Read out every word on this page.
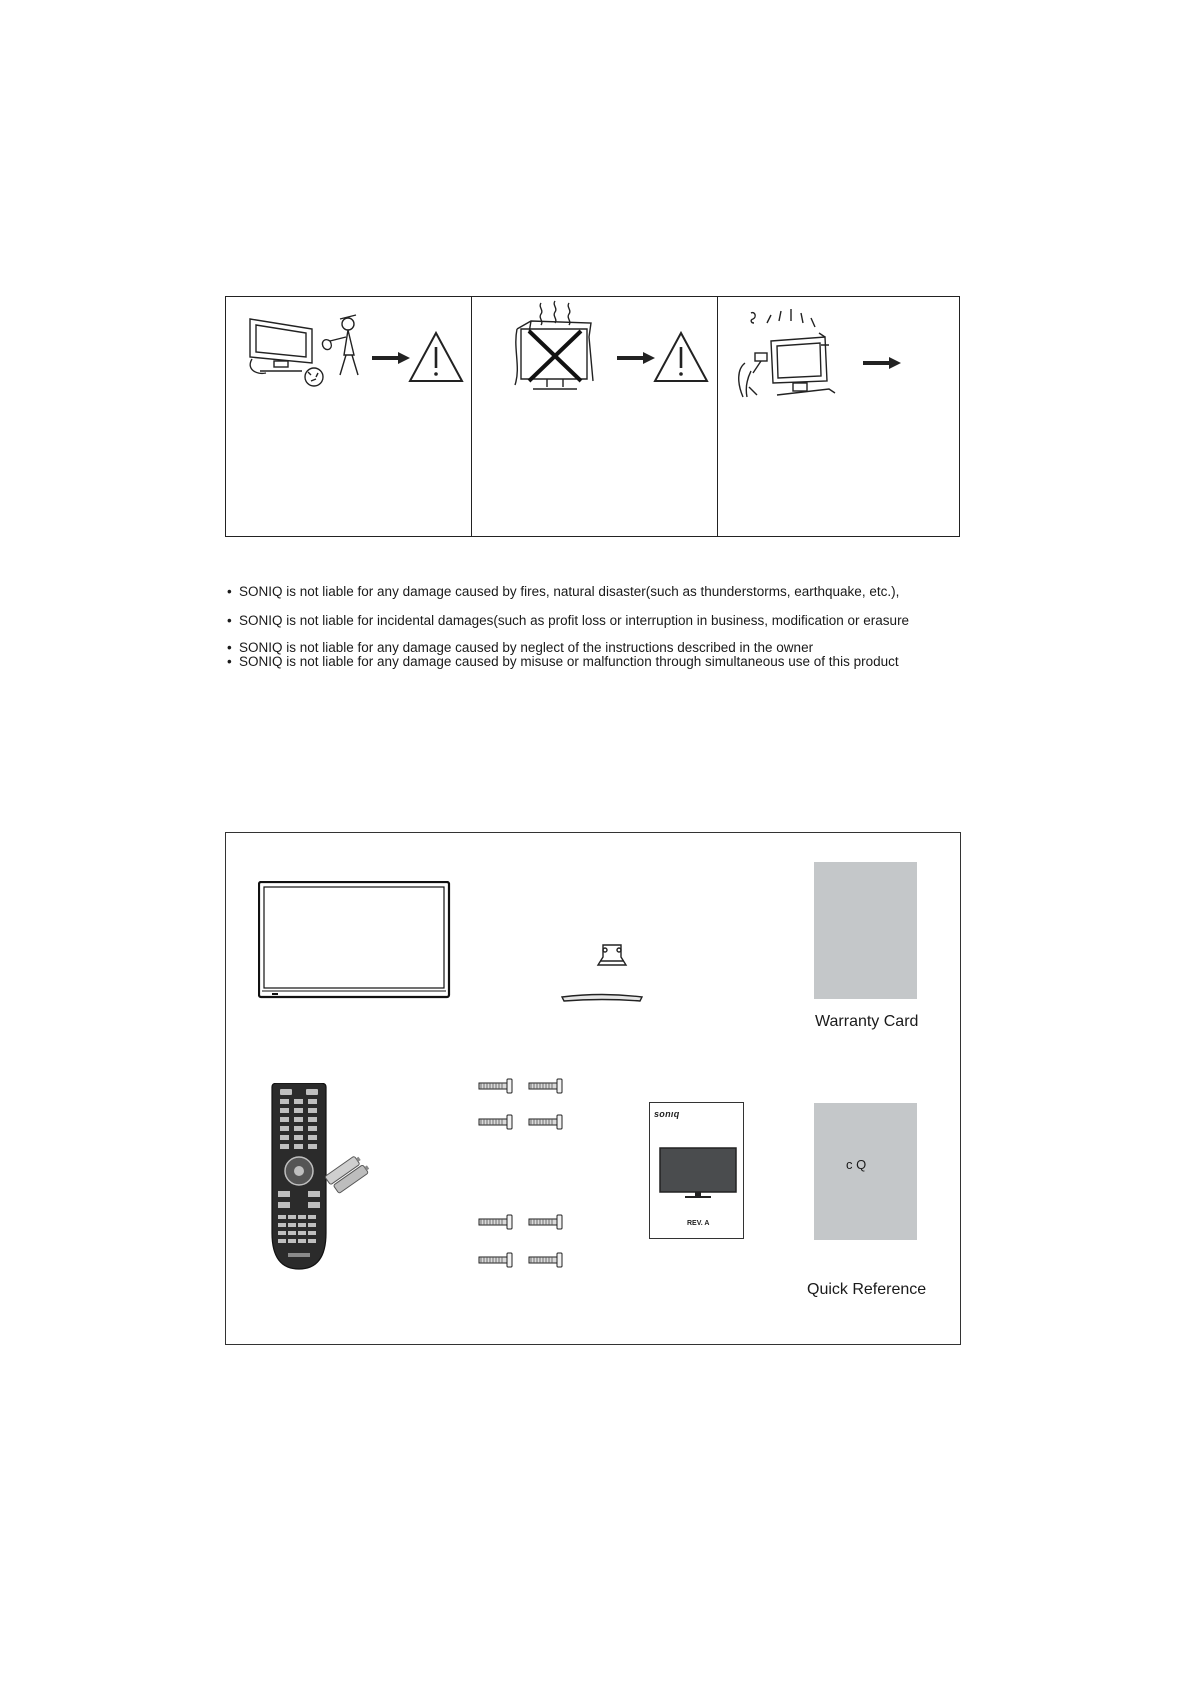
• SONIQ is not liable for any damage caused by fires, natural disaster(such as thunderstorms, earthquake, etc.),
• SONIQ is not liable for incidental damages(such as profit loss or interruption in business, modification or erasure
• SONIQ is not liable for any damage caused by neglect of the instructions described in the owner
• SONIQ is not liable for any damage caused by misuse or malfunction through simultaneous use of this product
Warranty Card
sonıq
REV. A
c Q
Quick Reference
